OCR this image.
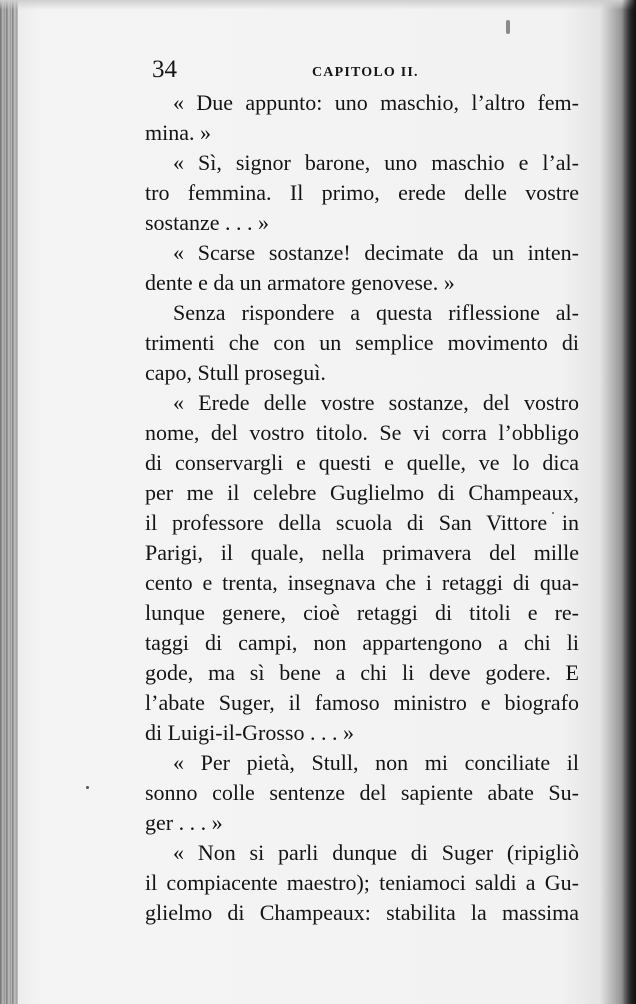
34	CAPITOLO II.

« Due appunto: uno maschio, l’altro fem-
mina. »

« Sì, signor barone, uno maschio e l’al-
tro femmina. Il primo, erede delle vostre
sostanze . . . »

« Scarse sostanze! decimate da un inten-
dente e da un armatore genovese. »

Senza rispondere a questa riflessione al-
trimenti che con un semplice movimento di
capo, Stull proseguì.

« Erede delle vostre sostanze, del vostro
nome, del vostro titolo. Se vi corra l’obbligo
di conservargli e questi e quelle, ve lo dica
per me il celebre Guglielmo di Champeaux,
il professore della scuola di San Vittore in
Parigi, il quale, nella primavera del mille
cento e trenta, insegnava che i retaggi di qua-
lunque genere, cioè retaggi di titoli e re-
taggi di campi, non appartengono a chi li
gode, ma sì bene a chi li deve godere. E
l’abate Suger, il famoso ministro e biografo
di Luigi-il-Grosso . . . »

« Per pietà, Stull, non mi conciliate il
sonno colle sentenze del sapiente abate Su-
ger . . . »

« Non si parli dunque di Suger (ripigliò
il compiacente maestro); teniamoci saldi a Gu-
glielmo di Champeaux: stabilita la massima
